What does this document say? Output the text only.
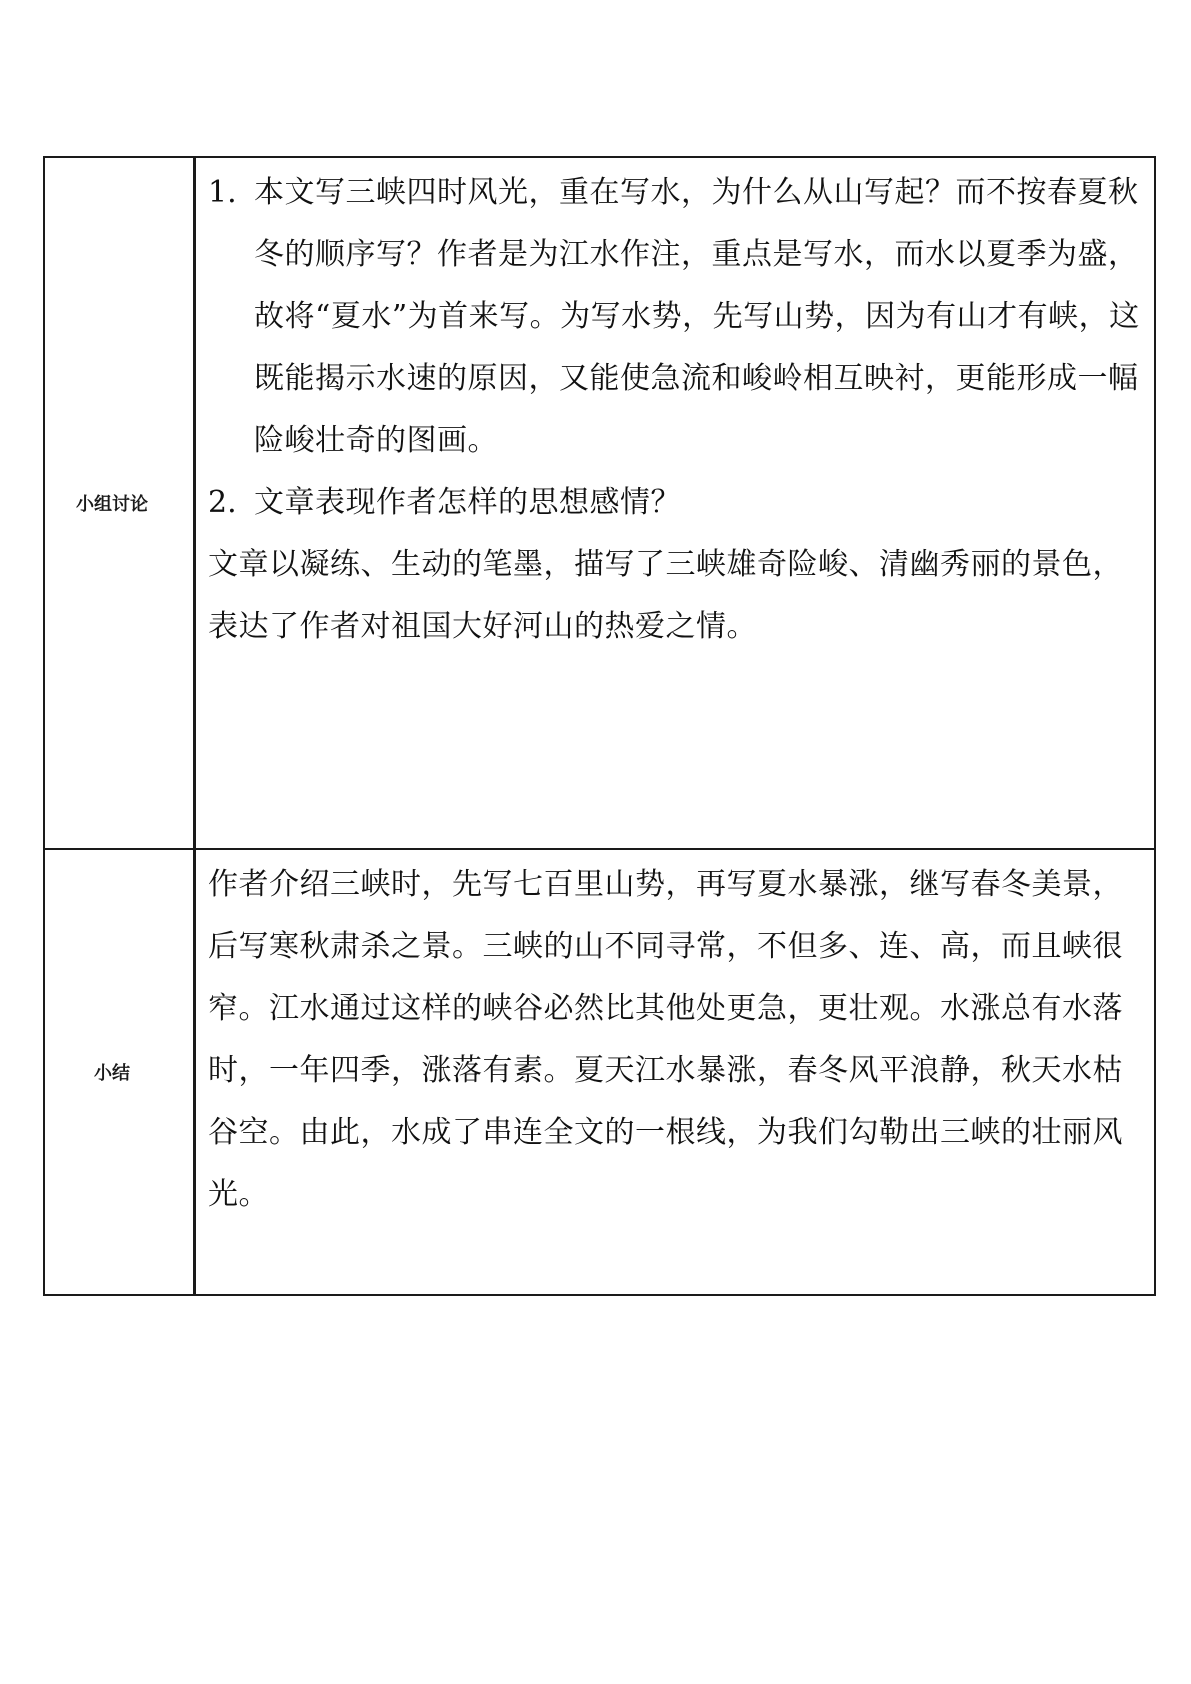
小组讨论	1. 本文写三峡四时风光，重在写水，为什么从山写起？而不按春夏秋冬的顺序写？作者是为江水作注，重点是写水，而水以夏季为盛，故将“夏水”为首来写。为写水势，先写山势，因为有山才有峡，这既能揭示水速的原因，又能使急流和峻岭相互映衬，更能形成一幅险峻壮奇的图画。
2. 文章表现作者怎样的思想感情？

文章以凝练、生动的笔墨，描写了三峡雄奇险峻、清幽秀丽的景色，表达了作者对祖国大好河山的热爱之情。

小结	作者介绍三峡时，先写七百里山势，再写夏水暴涨，继写春冬美景，后写寒秋肃杀之景。三峡的山不同寻常，不但多、连、高，而且峡很窄。江水通过这样的峡谷必然比其他处更急，更壮观。水涨总有水落时，一年四季，涨落有素。夏天江水暴涨，春冬风平浪静，秋天水枯谷空。由此，水成了串连全文的一根线，为我们勾勒出三峡的壮丽风光。
